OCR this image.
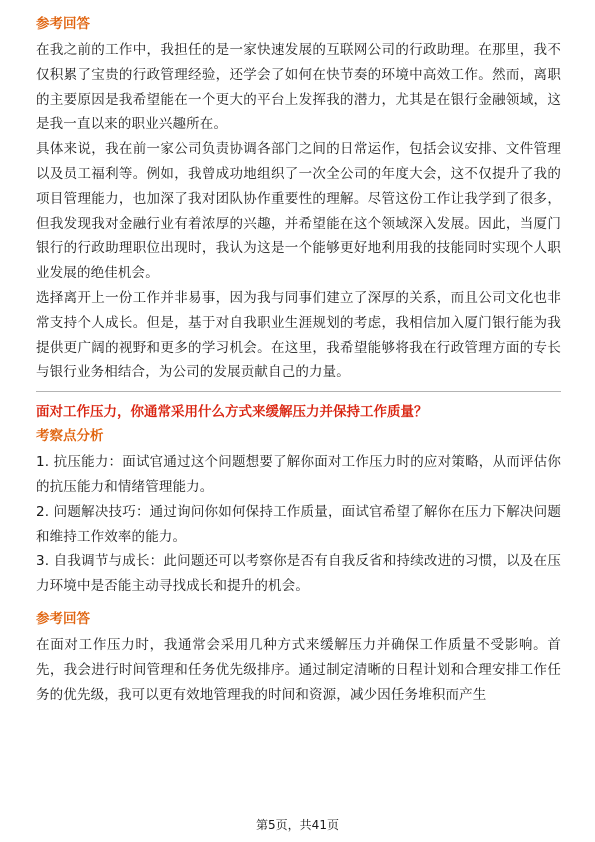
参考回答

在我之前的工作中，我担任的是一家快速发展的互联网公司的行政助理。在那里，我不仅积累了宝贵的行政管理经验，还学会了如何在快节奏的环境中高效工作。然而，离职的主要原因是我希望能在一个更大的平台上发挥我的潜力，尤其是在银行金融领域，这是我一直以来的职业兴趣所在。

具体来说，我在前一家公司负责协调各部门之间的日常运作，包括会议安排、文件管理以及员工福利等。例如，我曾成功地组织了一次全公司的年度大会，这不仅提升了我的项目管理能力，也加深了我对团队协作重要性的理解。尽管这份工作让我学到了很多，但我发现我对金融行业有着浓厚的兴趣，并希望能在这个领域深入发展。因此，当厦门银行的行政助理职位出现时，我认为这是一个能够更好地利用我的技能同时实现个人职业发展的绝佳机会。

选择离开上一份工作并非易事，因为我与同事们建立了深厚的关系，而且公司文化也非常支持个人成长。但是，基于对自我职业生涯规划的考虑，我相信加入厦门银行能为我提供更广阔的视野和更多的学习机会。在这里，我希望能够将我在行政管理方面的专长与银行业务相结合，为公司的发展贡献自己的力量。

面对工作压力，你通常采用什么方式来缓解压力并保持工作质量？
考察点分析

1. 抗压能力：面试官通过这个问题想要了解你面对工作压力时的应对策略，从而评估你的抗压能力和情绪管理能力。

2. 问题解决技巧：通过询问你如何保持工作质量，面试官希望了解你在压力下解决问题和维持工作效率的能力。

3. 自我调节与成长：此问题还可以考察你是否有自我反省和持续改进的习惯，以及在压力环境中是否能主动寻找成长和提升的机会。

参考回答

在面对工作压力时，我通常会采用几种方式来缓解压力并确保工作质量不受影响。首先，我会进行时间管理和任务优先级排序。通过制定清晰的日程计划和合理安排工作任务的优先级，我可以更有效地管理我的时间和资源，减少因任务堆积而产生

第5页，共41页
